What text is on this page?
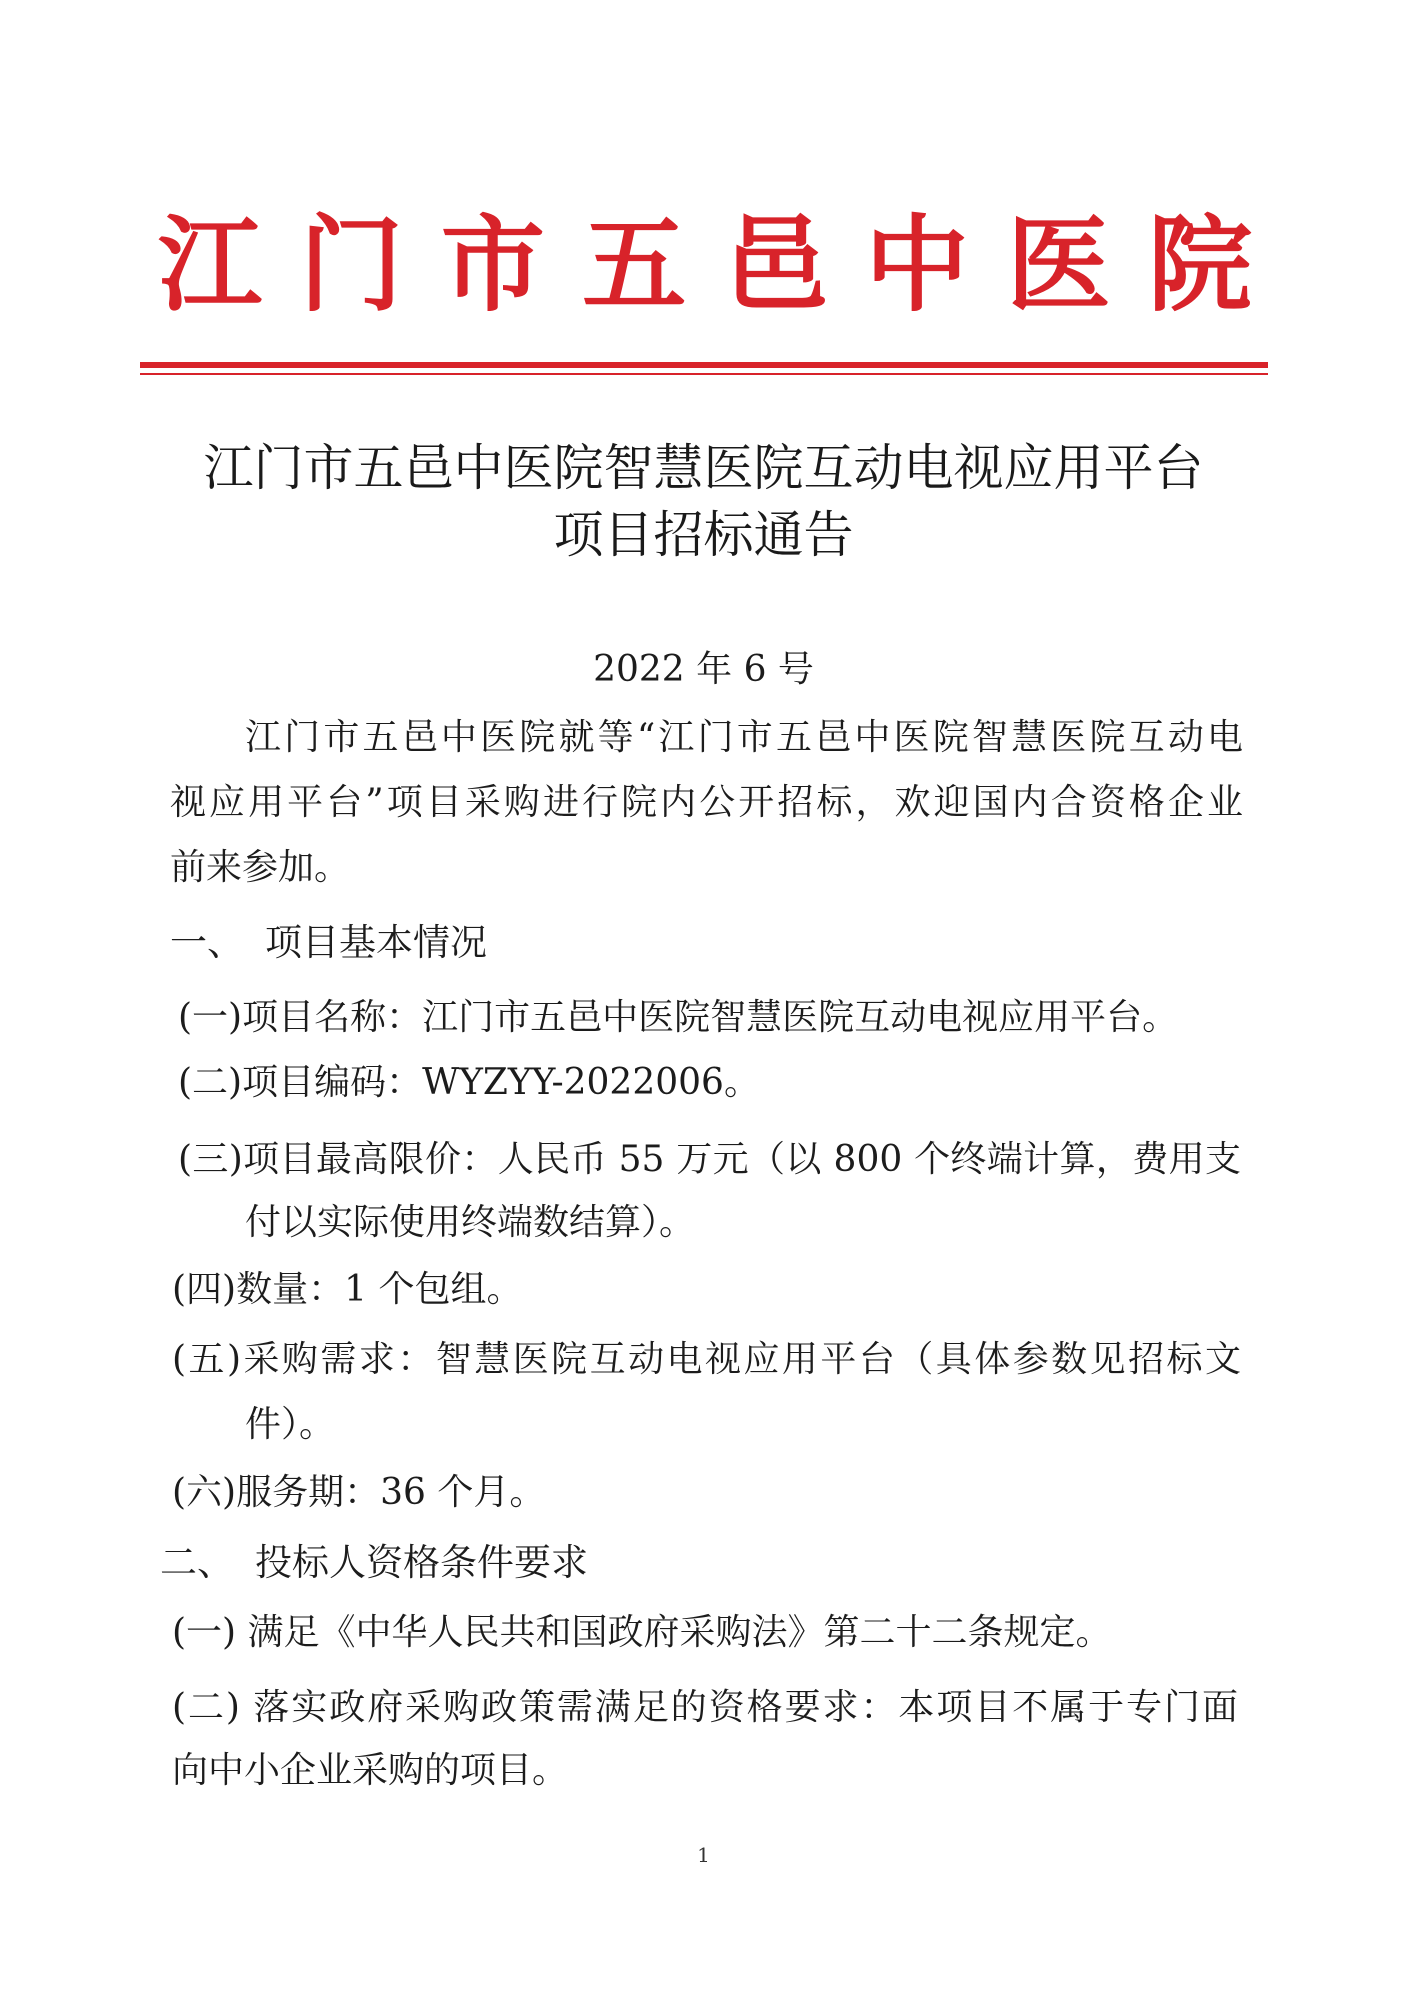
江 门 市 五 邑 中 医 院
江门市五邑中医院智慧医院互动电视应用平台
项目招标通告
2022 年 6 号
江门市五邑中医院就等“江门市五邑中医院智慧医院互动电
视应用平台”项目采购进行院内公开招标，欢迎国内合资格企业
前来参加。
一、 项目基本情况
(一)项目名称：江门市五邑中医院智慧医院互动电视应用平台。
(二)项目编码：WYZYY-2022006。
(三)项目最高限价：人民币 55 万元（以 800 个终端计算，费用支
付以实际使用终端数结算）。
(四)数量：1 个包组。
(五)采购需求：智慧医院互动电视应用平台（具体参数见招标文
件）。
(六)服务期：36 个月。
二、 投标人资格条件要求
(一) 满足《中华人民共和国政府采购法》第二十二条规定。
(二) 落实政府采购政策需满足的资格要求：本项目不属于专门面
向中小企业采购的项目。
1
